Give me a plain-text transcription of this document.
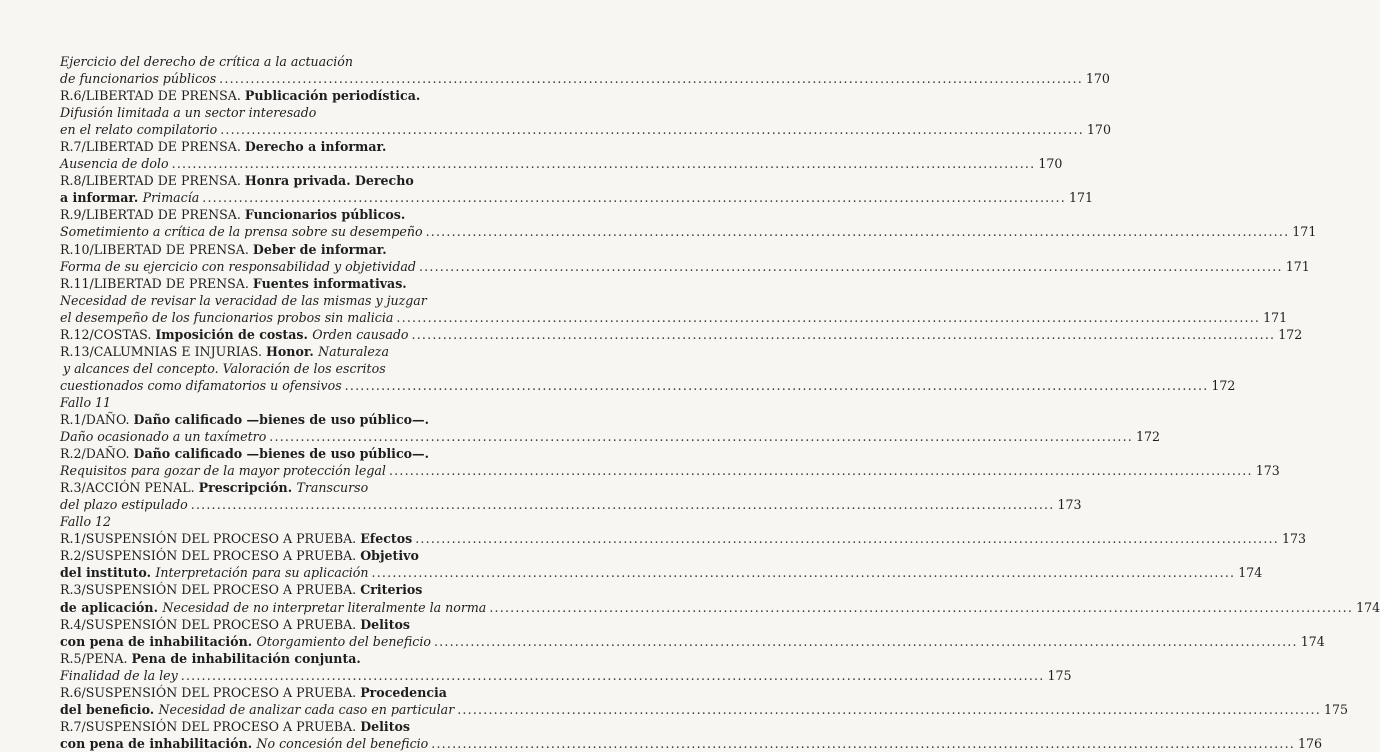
Ejercicio del derecho de crítica a la actuación
de funcionarios públicos .....	170
R.6/LIBERTAD DE PRENSA. Publicación periodística.
Difusión limitada a un sector interesado
en el relato compilatorio .....	170
R.7/LIBERTAD DE PRENSA. Derecho a informar.
Ausencia de dolo .....	170
R.8/LIBERTAD DE PRENSA. Honra privada. Derecho
a informar. Primacía .....	171
R.9/LIBERTAD DE PRENSA. Funcionarios públicos.
Sometimiento a crítica de la prensa sobre su desempeño .....	171
R.10/LIBERTAD DE PRENSA. Deber de informar.
Forma de su ejercicio con responsabilidad y objetividad .....	171
R.11/LIBERTAD DE PRENSA. Fuentes informativas.
Necesidad de revisar la veracidad de las mismas y juzgar
el desempeño de los funcionarios probos sin malicia .....	171
R.12/COSTAS. Imposición de costas. Orden causado .....	172
R.13/CALUMNIAS E INJURIAS. Honor. Naturaleza
y alcances del concepto. Valoración de los escritos
cuestionados como difamatorios u ofensivos .....	172
Fallo 11
R.1/DAÑO. Daño calificado —bienes de uso público—.
Daño ocasionado a un taxímetro .....	172
R.2/DAÑO. Daño calificado —bienes de uso público—.
Requisitos para gozar de la mayor protección legal .....	173
R.3/ACCIÓN PENAL. Prescripción. Transcurso
del plazo estipulado .....	173
Fallo 12
R.1/SUSPENSIÓN DEL PROCESO A PRUEBA. Efectos .....	173
R.2/SUSPENSIÓN DEL PROCESO A PRUEBA. Objetivo
del instituto. Interpretación para su aplicación .....	174
R.3/SUSPENSIÓN DEL PROCESO A PRUEBA. Criterios
de aplicación. Necesidad de no interpretar literalmente la norma .....	174
R.4/SUSPENSIÓN DEL PROCESO A PRUEBA. Delitos
con pena de inhabilitación. Otorgamiento del beneficio .....	174
R.5/PENA. Pena de inhabilitación conjunta.
Finalidad de la ley .....	175
R.6/SUSPENSIÓN DEL PROCESO A PRUEBA. Procedencia
del beneficio. Necesidad de analizar cada caso en particular .....	175
R.7/SUSPENSIÓN DEL PROCESO A PRUEBA. Delitos
con pena de inhabilitación. No concesión del beneficio .....	176
